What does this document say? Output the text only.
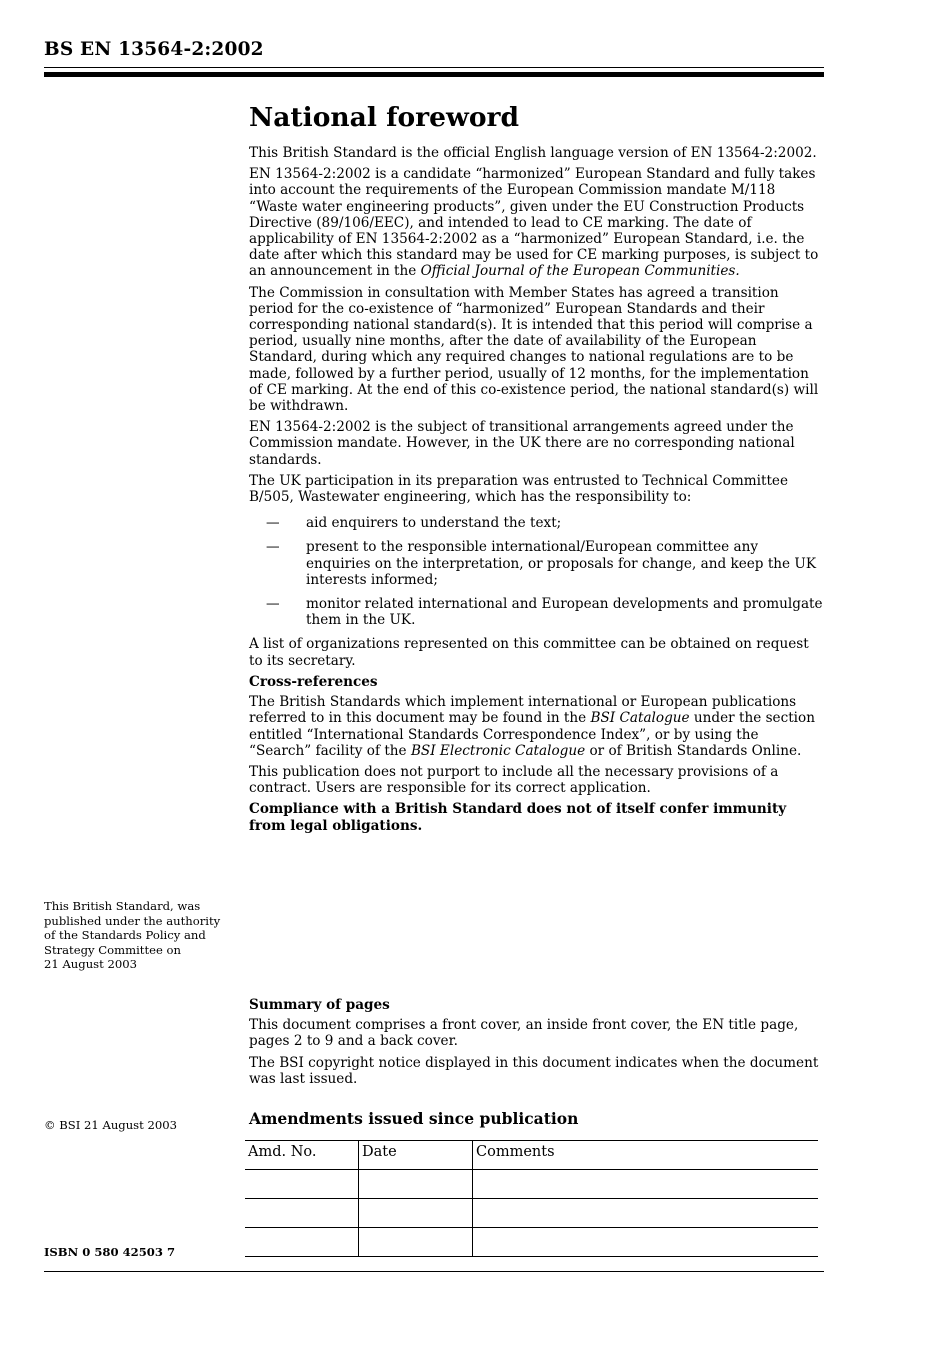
BS EN 13564-2:2002
National foreword

This British Standard is the official English language version of EN 13564-2:2002.

EN 13564-2:2002 is a candidate “harmonized” European Standard and fully takes into account the requirements of the European Commission mandate M/118 “Waste water engineering products”, given under the EU Construction Products Directive (89/106/EEC), and intended to lead to CE marking. The date of applicability of EN 13564-2:2002 as a “harmonized” European Standard, i.e. the date after which this standard may be used for CE marking purposes, is subject to an announcement in the Official Journal of the European Communities.

The Commission in consultation with Member States has agreed a transition period for the co-existence of “harmonized” European Standards and their corresponding national standard(s). It is intended that this period will comprise a period, usually nine months, after the date of availability of the European Standard, during which any required changes to national regulations are to be made, followed by a further period, usually of 12 months, for the implementation of CE marking. At the end of this co-existence period, the national standard(s) will be withdrawn.

EN 13564-2:2002 is the subject of transitional arrangements agreed under the Commission mandate. However, in the UK there are no corresponding national standards.

The UK participation in its preparation was entrusted to Technical Committee B/505, Wastewater engineering, which has the responsibility to:

— aid enquirers to understand the text;
— present to the responsible international/European committee any enquiries on the interpretation, or proposals for change, and keep the UK interests informed;
— monitor related international and European developments and promulgate them in the UK.

A list of organizations represented on this committee can be obtained on request to its secretary.

Cross-references

The British Standards which implement international or European publications referred to in this document may be found in the BSI Catalogue under the section entitled “International Standards Correspondence Index”, or by using the “Search” facility of the BSI Electronic Catalogue or of British Standards Online.

This publication does not purport to include all the necessary provisions of a contract. Users are responsible for its correct application.

Compliance with a British Standard does not of itself confer immunity from legal obligations.

This British Standard, was published under the authority of the Standards Policy and Strategy Committee on
21 August 2003

Summary of pages

This document comprises a front cover, an inside front cover, the EN title page, pages 2 to 9 and a back cover.

The BSI copyright notice displayed in this document indicates when the document was last issued.

© BSI 21 August 2003	Amendments issued since publication
Amd. No.	Date	Comments

ISBN 0 580 42503 7
